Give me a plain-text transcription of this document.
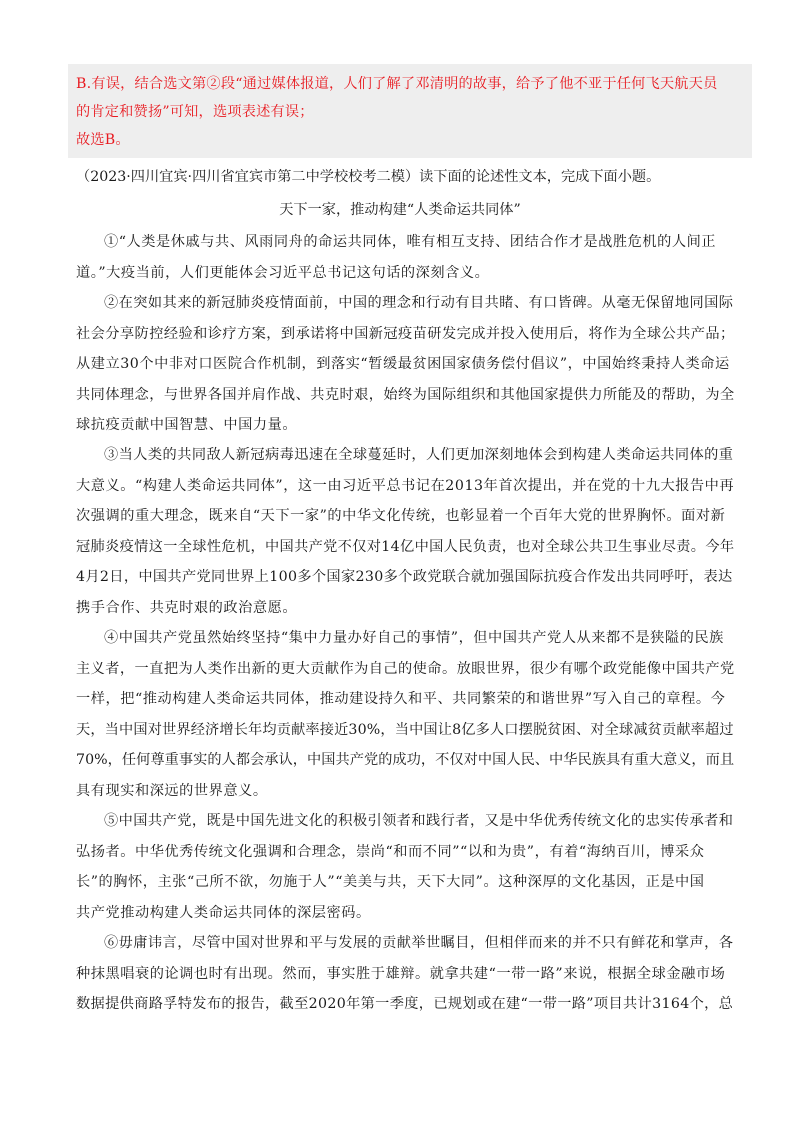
B.有误，结合选文第②段“通过媒体报道，人们了解了邓清明的故事，给予了他不亚于任何飞天航天员
的肯定和赞扬”可知，选项表述有误；
故选B。
（2023·四川宜宾·四川省宜宾市第二中学校校考二模）读下面的论述性文本，完成下面小题。
天下一家，推动构建“人类命运共同体”
①“人类是休戚与共、风雨同舟的命运共同体，唯有相互支持、团结合作才是战胜危机的人间正
道。”大疫当前，人们更能体会习近平总书记这句话的深刻含义。
②在突如其来的新冠肺炎疫情面前，中国的理念和行动有目共睹、有口皆碑。从毫无保留地同国际
社会分享防控经验和诊疗方案，到承诺将中国新冠疫苗研发完成并投入使用后，将作为全球公共产品；
从建立30个中非对口医院合作机制，到落实“暂缓最贫困国家债务偿付倡议”，中国始终秉持人类命运
共同体理念，与世界各国并肩作战、共克时艰，始终为国际组织和其他国家提供力所能及的帮助，为全
球抗疫贡献中国智慧、中国力量。
③当人类的共同敌人新冠病毒迅速在全球蔓延时，人们更加深刻地体会到构建人类命运共同体的重
大意义。“构建人类命运共同体”，这一由习近平总书记在2013年首次提出，并在党的十九大报告中再
次强调的重大理念，既来自“天下一家”的中华文化传统，也彰显着一个百年大党的世界胸怀。面对新
冠肺炎疫情这一全球性危机，中国共产党不仅对14亿中国人民负责，也对全球公共卫生事业尽责。今年
4月2日，中国共产党同世界上100多个国家230多个政党联合就加强国际抗疫合作发出共同呼吁，表达
携手合作、共克时艰的政治意愿。
④中国共产党虽然始终坚持“集中力量办好自己的事情”，但中国共产党人从来都不是狭隘的民族
主义者，一直把为人类作出新的更大贡献作为自己的使命。放眼世界，很少有哪个政党能像中国共产党
一样，把“推动构建人类命运共同体，推动建设持久和平、共同繁荣的和谐世界”写入自己的章程。今
天，当中国对世界经济增长年均贡献率接近30%，当中国让8亿多人口摆脱贫困、对全球减贫贡献率超过
70%，任何尊重事实的人都会承认，中国共产党的成功，不仅对中国人民、中华民族具有重大意义，而且
具有现实和深远的世界意义。
⑤中国共产党，既是中国先进文化的积极引领者和践行者，又是中华优秀传统文化的忠实传承者和
弘扬者。中华优秀传统文化强调和合理念，崇尚“和而不同”“以和为贵”，有着“海纳百川，博采众
长”的胸怀，主张“己所不欲，勿施于人”“美美与共，天下大同”。这种深厚的文化基因，正是中国
共产党推动构建人类命运共同体的深层密码。
⑥毋庸讳言，尽管中国对世界和平与发展的贡献举世瞩目，但相伴而来的并不只有鲜花和掌声，各
种抹黑唱衰的论调也时有出现。然而，事实胜于雄辩。就拿共建“一带一路”来说，根据全球金融市场
数据提供商路孚特发布的报告，截至2020年第一季度，已规划或在建“一带一路”项目共计3164个，总
